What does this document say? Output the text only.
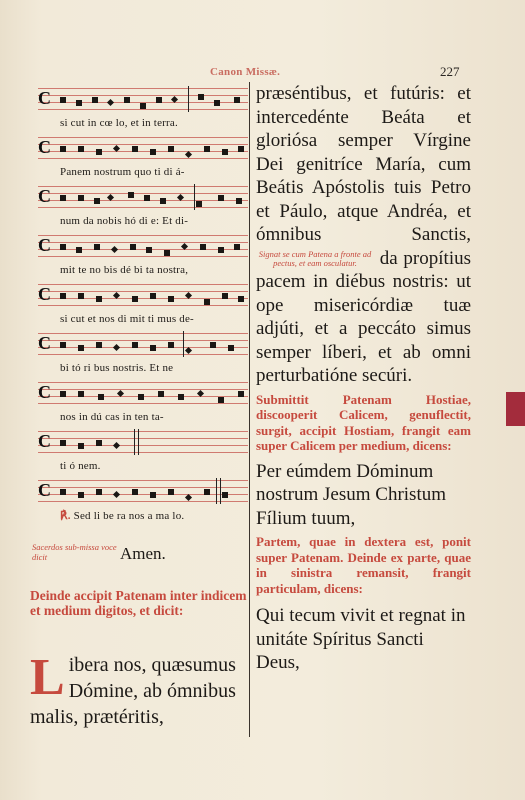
Canon Missæ.	227
C
si cut in cœ lo, et in terra.
C
Panem nostrum quo ti di á-
C
num da nobis hó di e: Et di-
C
mit te no bis dé bi ta nostra,
C
si cut et nos di mit ti mus de-
C
bi tó ri bus nostris. Et ne
C
nos in dú cas in ten ta-
C
ti ó nem.
C
℟. Sed li be ra nos a ma lo.
Sacerdos sub-missa voce dicit	Amen.
Deinde accipit Patenam inter indicem et medium digitos, et dicit:
L ibera nos, quæsumus Dómine, ab ómnibus malis, prætéritis,
præséntibus, et futúris: et intercedénte Beáta et gloriósa semper Vírgine Dei genitríce María, cum Beátis Apóstolis tuis Petro et Páulo, atque Andréa, et ómnibus Sanctis, Signat se cum Patena a fronte ad pectus, et eam osculatur. da propítius pacem in diébus nostris: ut ope misericórdiæ tuæ adjúti, et a peccáto simus semper líberi, et ab omni perturbatióne secúri.
Submittit Patenam Hostiae, discooperit Calicem, genuflectit, surgit, accipit Hostiam, frangit eam super Calicem per medium, dicens:
Per eúmdem Dóminum nostrum Jesum Christum Fílium tuum,
Partem, quae in dextera est, ponit super Patenam. Deinde ex parte, quae in sinistra remansit, frangit particulam, dicens:
Qui tecum vivit et regnat in unitáte Spíritus Sancti Deus,
